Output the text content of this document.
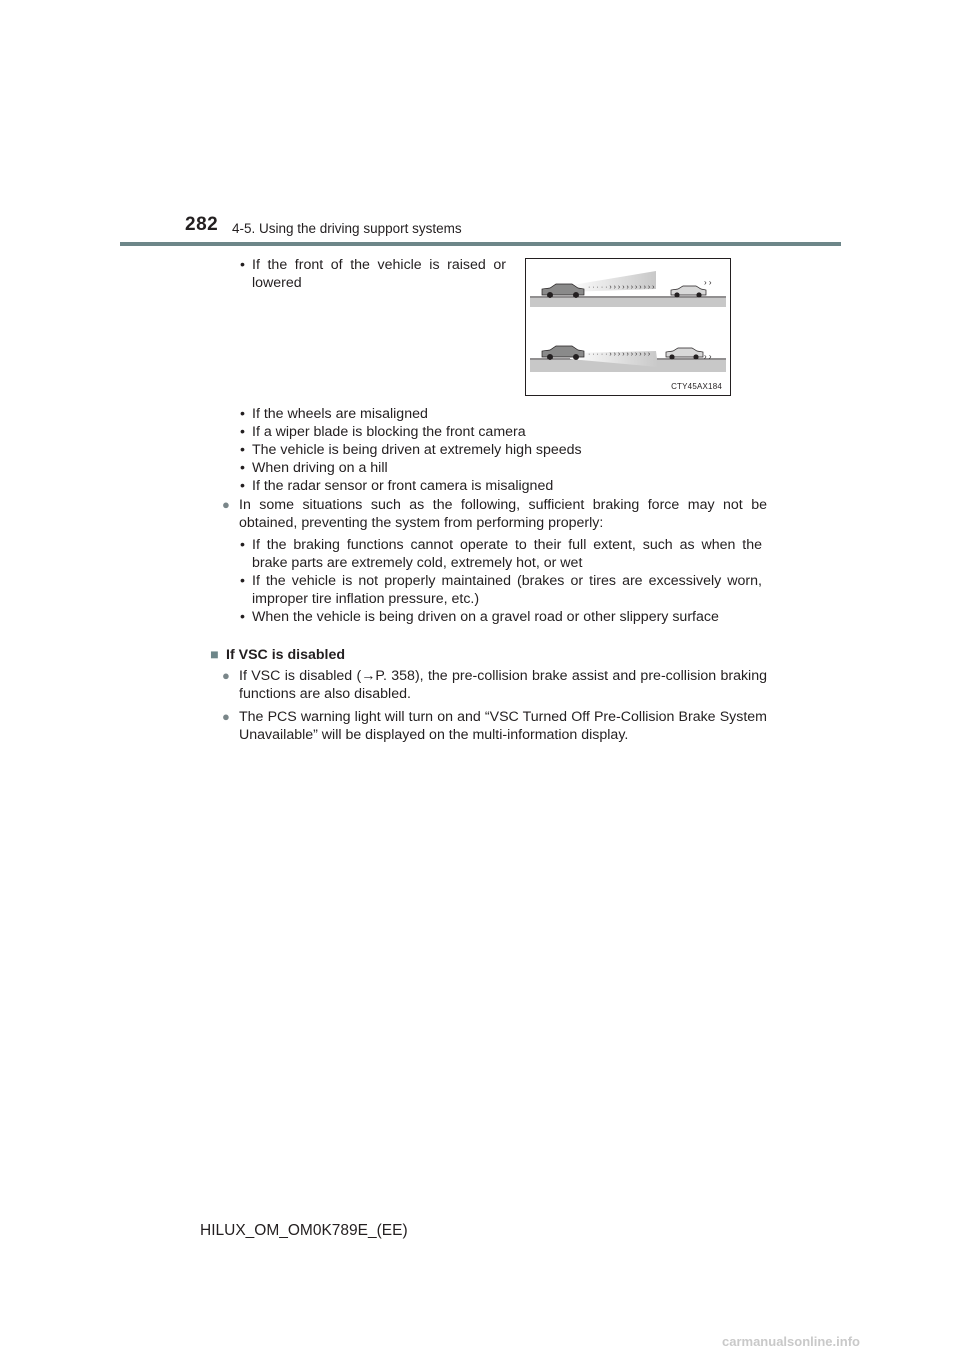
282 4-5. Using the driving support systems
• If the front of the vehicle is raised or lowered	· · · · · › › › › › › › › › › ›
› ›
· · · · · › › › › › › › › › ›	› ›
CTY45AX184
• If the wheels are misaligned
• If a wiper blade is blocking the front camera
• The vehicle is being driven at extremely high speeds
• When driving on a hill
• If the radar sensor or front camera is misaligned
● In some situations such as the following, sufficient braking force may not be obtained, preventing the system from performing properly:
• If the braking functions cannot operate to their full extent, such as when the brake parts are extremely cold, extremely hot, or wet
• If the vehicle is not properly maintained (brakes or tires are excessively worn, improper tire inflation pressure, etc.)
• When the vehicle is being driven on a gravel road or other slippery surface
■ If VSC is disabled
● If VSC is disabled (→P. 358), the pre-collision brake assist and pre-collision braking functions are also disabled.
● The PCS warning light will turn on and “VSC Turned Off Pre-Collision Brake System Unavailable” will be displayed on the multi-information display.
HILUX_OM_OM0K789E_(EE)
carmanualsonline.info
